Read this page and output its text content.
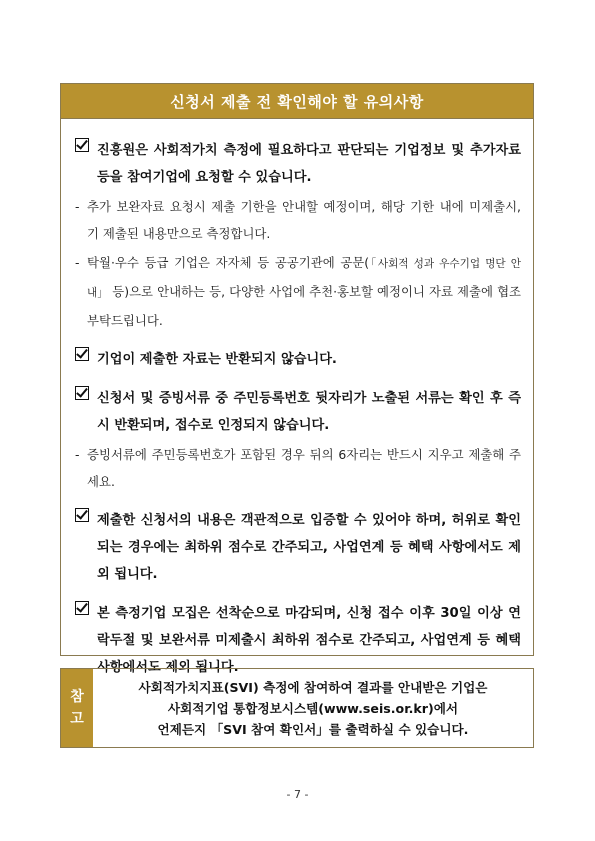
신청서 제출 전 확인해야 할 유의사항
진흥원은 사회적가치 측정에 필요하다고 판단되는 기업정보 및 추가자료 등을 참여기업에 요청할 수 있습니다.
- 추가 보완자료 요청시 제출 기한을 안내할 예정이며, 해당 기한 내에 미제출시, 기 제출된 내용만으로 측정합니다.
- 탁월·우수 등급 기업은 자자체 등 공공기관에 공문(「사회적 성과 우수기업 명단 안내」 등)으로 안내하는 등, 다양한 사업에 추천·홍보할 예정이니 자료 제출에 협조 부탁드립니다.
기업이 제출한 자료는 반환되지 않습니다.
신청서 및 증빙서류 중 주민등록번호 뒷자리가 노출된 서류는 확인 후 즉시 반환되며, 접수로 인정되지 않습니다.
- 증빙서류에 주민등록번호가 포함된 경우 뒤의 6자리는 반드시 지우고 제출해 주세요.
제출한 신청서의 내용은 객관적으로 입증할 수 있어야 하며, 허위로 확인되는 경우에는 최하위 점수로 간주되고, 사업연계 등 혜택 사항에서도 제외 됩니다.
본 측정기업 모집은 선착순으로 마감되며, 신청 접수 이후 30일 이상 연락두절 및 보완서류 미제출시 최하위 점수로 간주되고, 사업연계 등 혜택 사항에서도 제외 됩니다.
참
고
사회적가치지표(SVI) 측정에 참여하여 결과를 안내받은 기업은
사회적기업 통합정보시스템(www.seis.or.kr)에서
언제든지 「SVI 참여 확인서」를 출력하실 수 있습니다.
- 7 -
